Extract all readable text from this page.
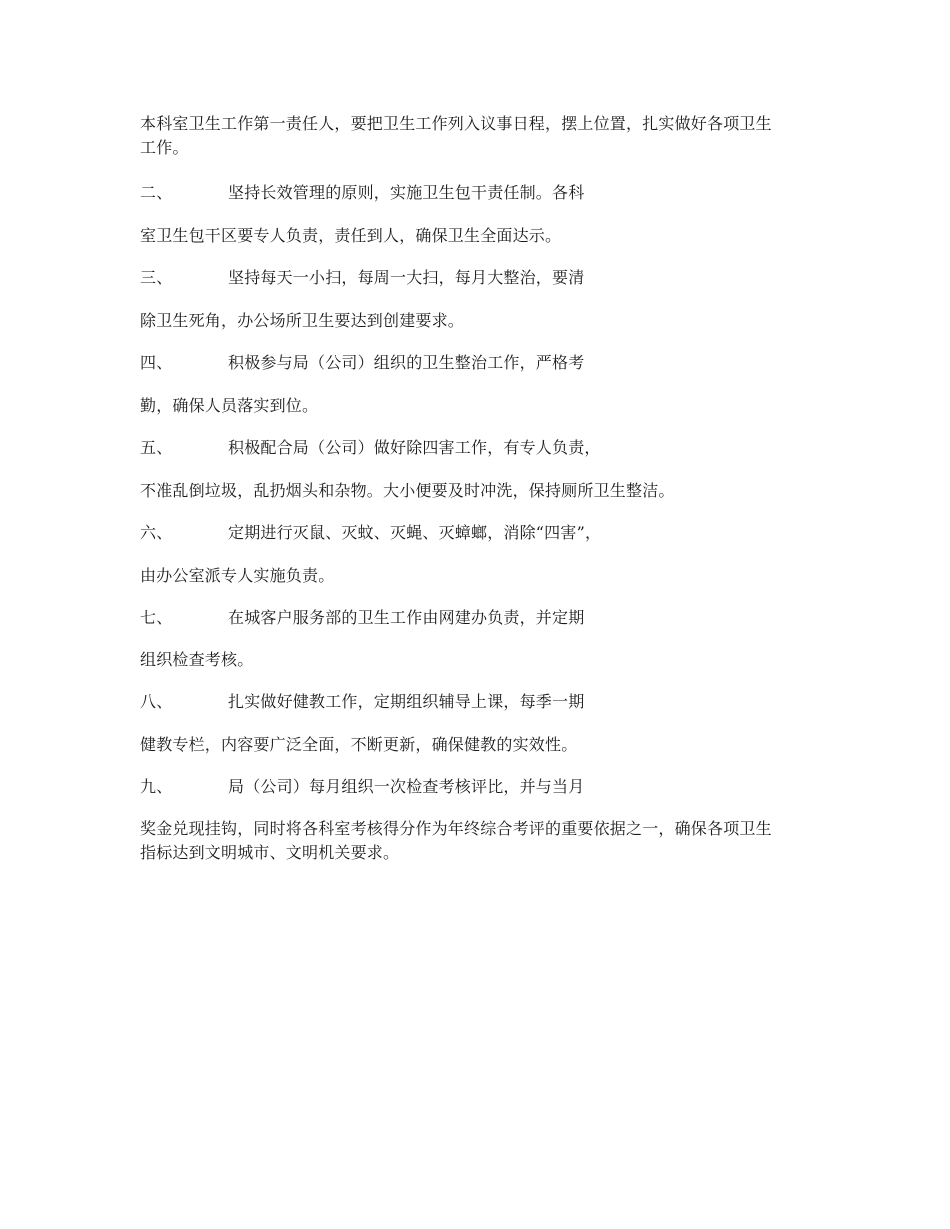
本科室卫生工作第一责任人，要把卫生工作列入议事日程，摆上位置，扎实做好各项卫生
工作。
二、	坚持长效管理的原则，实施卫生包干责任制。各科
室卫生包干区要专人负责，责任到人，确保卫生全面达示。
三、	坚持每天一小扫，每周一大扫，每月大整治，要清
除卫生死角，办公场所卫生要达到创建要求。
四、	积极参与局（公司）组织的卫生整治工作，严格考
勤，确保人员落实到位。
五、	积极配合局（公司）做好除四害工作，有专人负责，
不准乱倒垃圾，乱扔烟头和杂物。大小便要及时冲洗，保持厕所卫生整洁。
六、	定期进行灭鼠、灭蚊、灭蝇、灭蟑螂，消除“四害”，
由办公室派专人实施负责。
七、	在城客户服务部的卫生工作由网建办负责，并定期
组织检查考核。
八、	扎实做好健教工作，定期组织辅导上课，每季一期
健教专栏，内容要广泛全面，不断更新，确保健教的实效性。
九、	局（公司）每月组织一次检查考核评比，并与当月
奖金兑现挂钩，同时将各科室考核得分作为年终综合考评的重要依据之一，确保各项卫生
指标达到文明城市、文明机关要求。
